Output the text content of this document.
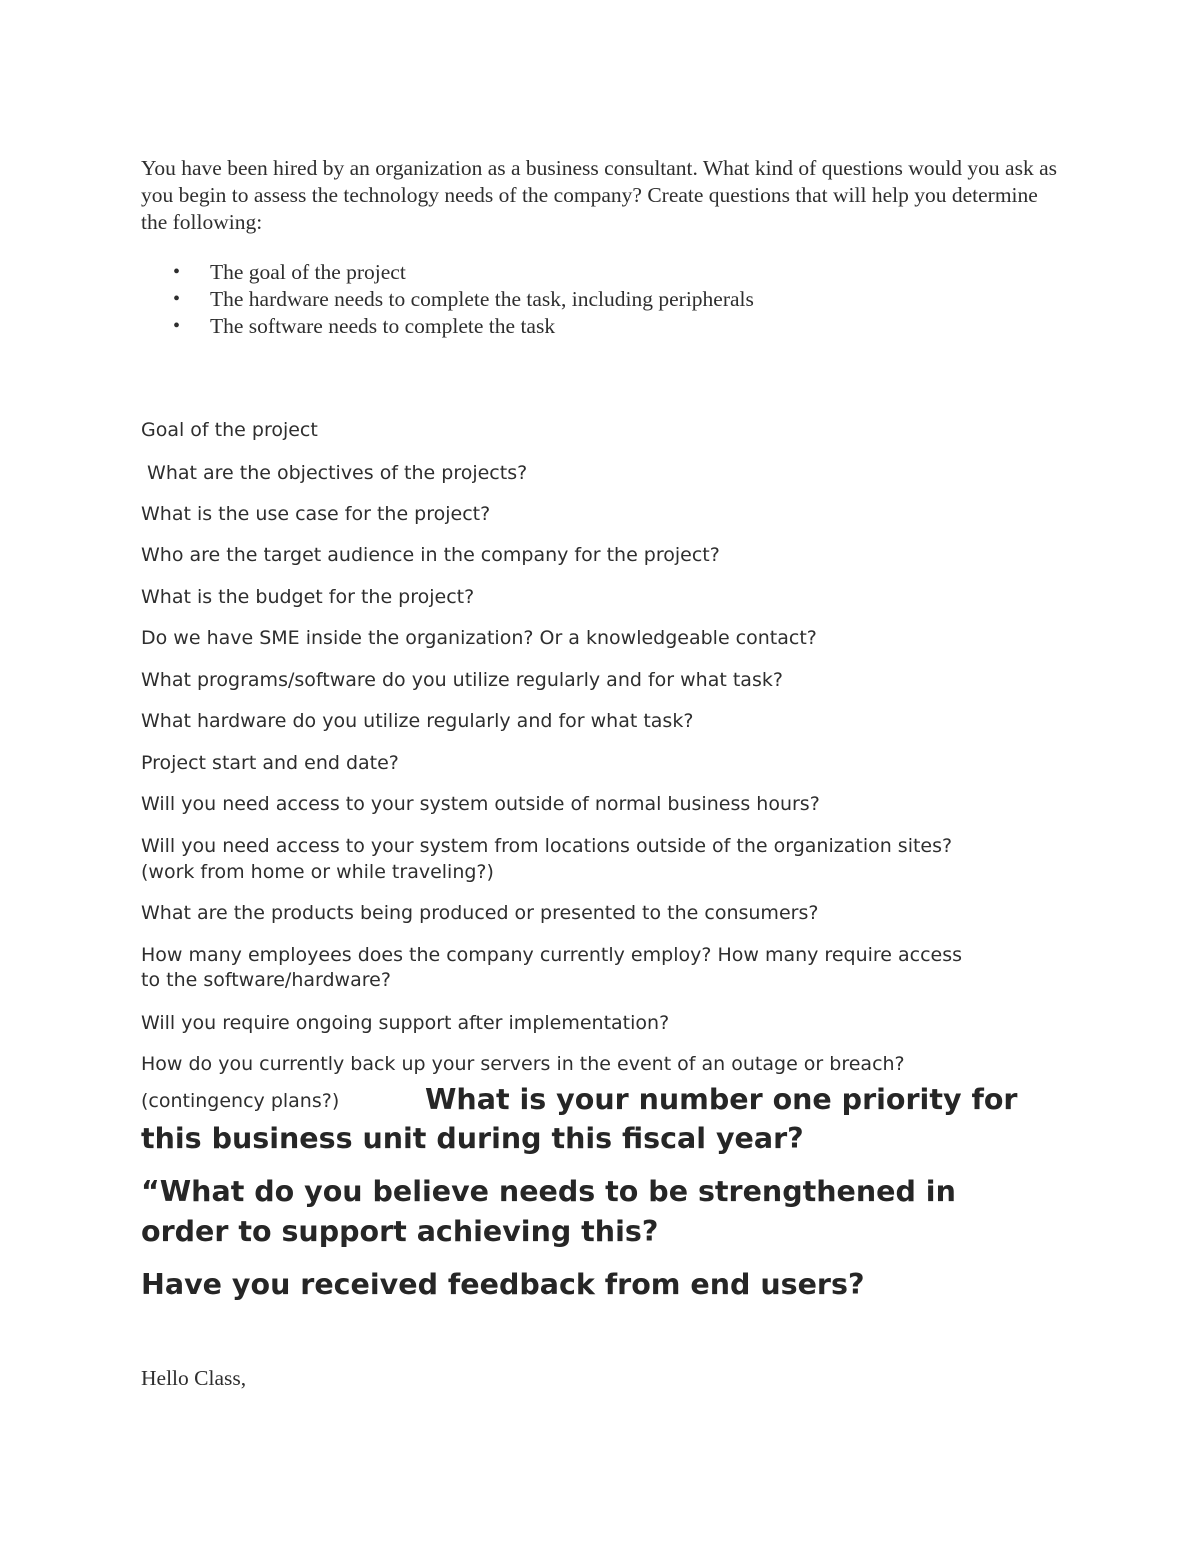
You have been hired by an organization as a business consultant. What kind of questions would you ask as you begin to assess the technology needs of the company? Create questions that will help you determine the following:
• The goal of the project
• The hardware needs to complete the task, including peripherals
• The software needs to complete the task
Goal of the project
What are the objectives of the projects?
What is the use case for the project?
Who are the target audience in the company for the project?
What is the budget for the project?
Do we have SME inside the organization? Or a knowledgeable contact?
What programs/software do you utilize regularly and for what task?
What hardware do you utilize regularly and for what task?
Project start and end date?
Will you need access to your system outside of normal business hours?
Will you need access to your system from locations outside of the organization sites?
(work from home or while traveling?)
What are the products being produced or presented to the consumers?
How many employees does the company currently employ? How many require access
to the software/hardware?
Will you require ongoing support after implementation?
How do you currently back up your servers in the event of an outage or breach?
(contingency plans?)	What is your number one priority for
this business unit during this fiscal year?
“What do you believe needs to be strengthened in
order to support achieving this?
Have you received feedback from end users?
Hello Class,
